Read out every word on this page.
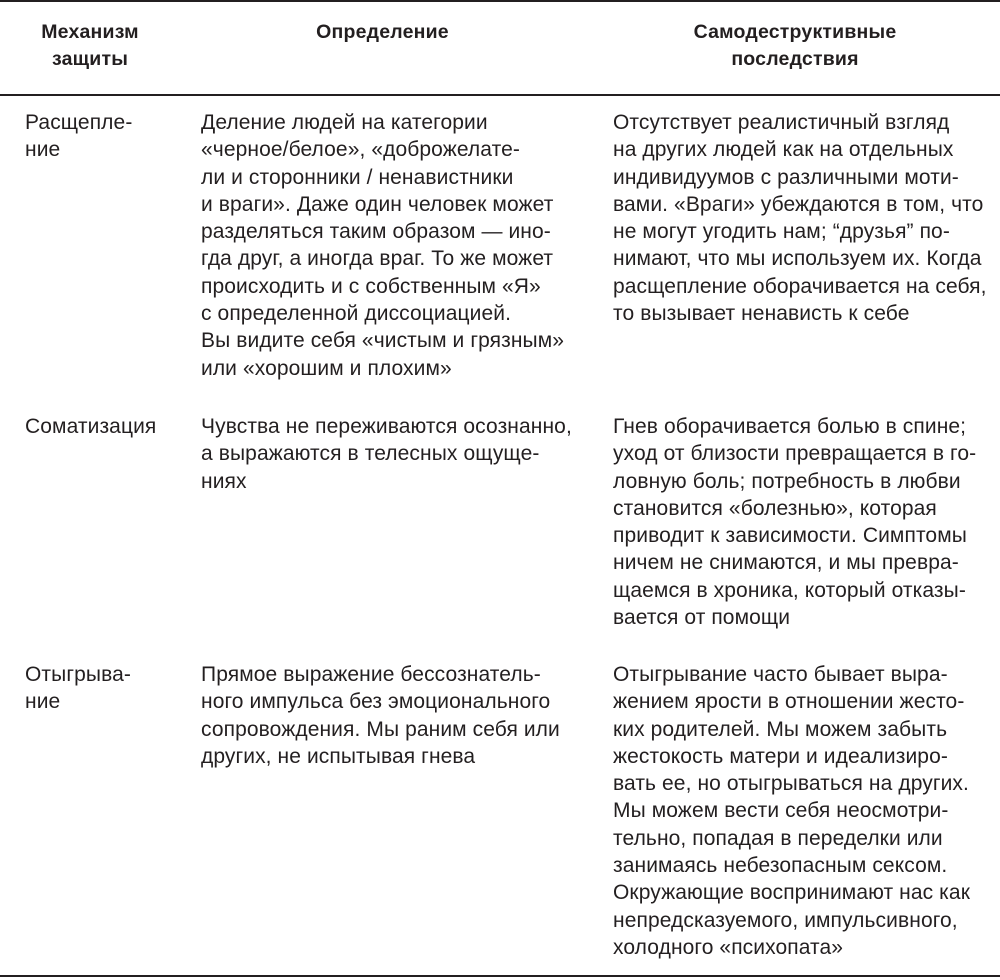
Механизм
защиты
Определение	Самодеструктивные
последствия
Расщепле-
ние
Деление людей на категории
«черное/белое», «доброжелате-
ли и сторонники / ненавистники
и враги». Даже один человек может
разделяться таким образом — ино-
гда друг, а иногда враг. То же может
происходить и с собственным «Я»
с определенной диссоциацией.
Вы видите себя «чистым и грязным»
или «хорошим и плохим»
Отсутствует реалистичный взгляд
на других людей как на отдельных
индивидуумов с различными моти-
вами. «Враги» убеждаются в том, что
не могут угодить нам; “друзья” по-
нимают, что мы используем их. Когда
расщепление оборачивается на себя,
то вызывает ненависть к себе
Соматизация	Чувства не переживаются осознанно,
а выражаются в телесных ощуще-
ниях
Гнев оборачивается болью в спине;
уход от близости превращается в го-
ловную боль; потребность в любви
становится «болезнью», которая
приводит к зависимости. Симптомы
ничем не снимаются, и мы превра-
щаемся в хроника, который отказы-
вается от помощи
Отыгрыва-
ние
Прямое выражение бессознатель-
ного импульса без эмоционального
сопровождения. Мы раним себя или
других, не испытывая гнева
Отыгрывание часто бывает выра-
жением ярости в отношении жесто-
ких родителей. Мы можем забыть
жестокость матери и идеализиро-
вать ее, но отыгрываться на других.
Мы можем вести себя неосмотри-
тельно, попадая в переделки или
занимаясь небезопасным сексом.
Окружающие воспринимают нас как
непредсказуемого, импульсивного,
холодного «психопата»
